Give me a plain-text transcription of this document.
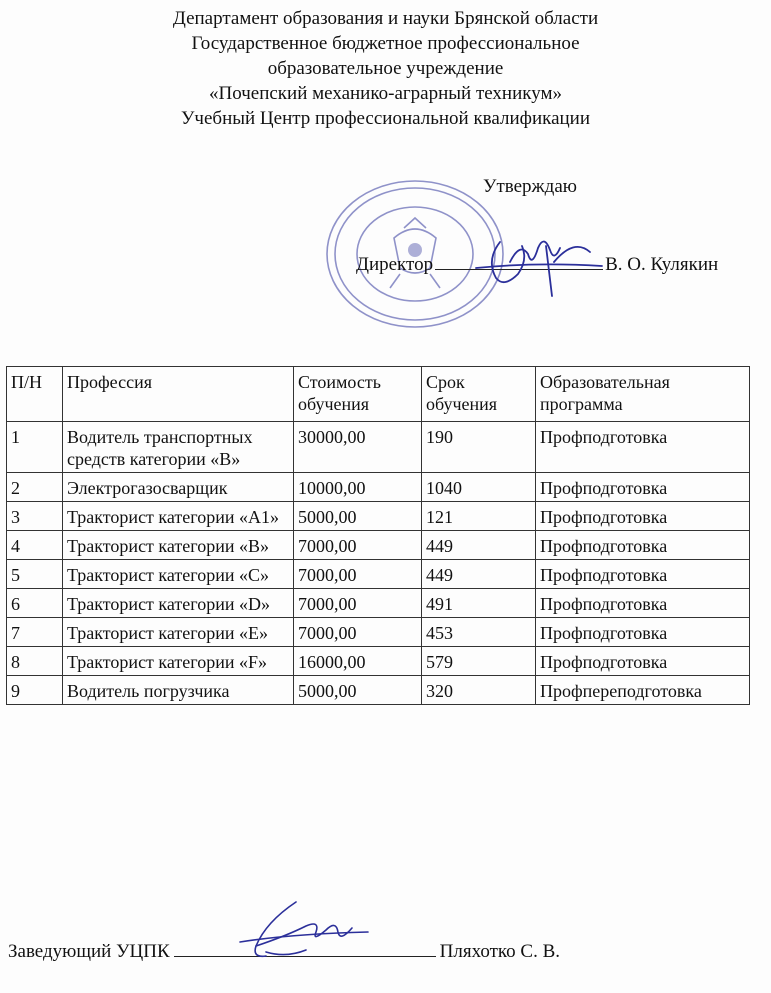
Департамент образования и науки Брянской области
Государственное бюджетное профессиональное
образовательное учреждение
«Почепский механико-аграрный техникум»
Учебный Центр профессиональной квалификации
Утверждаю
Директор	В. О. Кулякин
П/Н	Профессия	Стоимость обучения	Срок обучения	Образовательная программа
1	Водитель транспортных средств категории «B»	30000,00	190	Профподготовка
2	Электрогазосварщик	10000,00	1040	Профподготовка
3	Тракторист категории «A1»	5000,00	121	Профподготовка
4	Тракторист категории «B»	7000,00	449	Профподготовка
5	Тракторист категории «C»	7000,00	449	Профподготовка
6	Тракторист категории «D»	7000,00	491	Профподготовка
7	Тракторист категории «E»	7000,00	453	Профподготовка
8	Тракторист категории «F»	16000,00	579	Профподготовка
9	Водитель погрузчика	5000,00	320	Профпереподготовка
Заведующий УЦПК	Пляхотко С. В.
